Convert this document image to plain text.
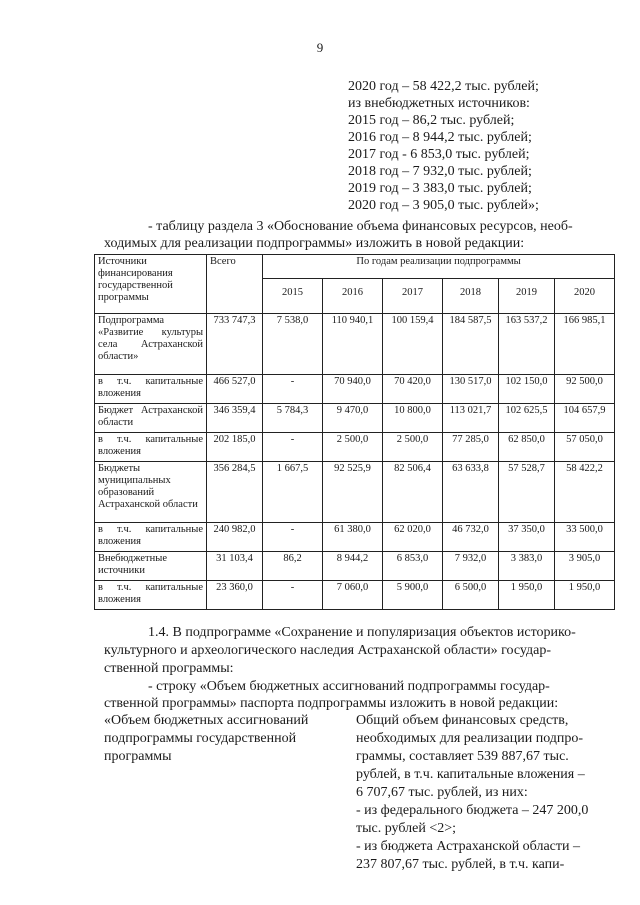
9
2020 год – 58 422,2 тыс. рублей;
из внебюджетных источников:
2015 год – 86,2 тыс. рублей;
2016 год – 8 944,2 тыс. рублей;
2017 год - 6 853,0 тыс. рублей;
2018 год – 7 932,0 тыс. рублей;
2019 год – 3 383,0 тыс. рублей;
2020 год – 3 905,0 тыс. рублей»;
- таблицу раздела 3 «Обоснование объема финансовых ресурсов, необ-
ходимых для реализации подпрограммы» изложить в новой редакции:
Источники финансирования государственной программы	Всего	По годам реализации подпрограммы					
		2015	2016	2017	2018	2019	2020
Подпрограмма «Развитие культуры села Астраханской области»	733 747,3	7 538,0	110 940,1	100 159,4	184 587,5	163 537,2	166 985,1
в т.ч. капитальные вложения	466 527,0	-	70 940,0	70 420,0	130 517,0	102 150,0	92 500,0
Бюджет Астраханской области	346 359,4	5 784,3	9 470,0	10 800,0	113 021,7	102 625,5	104 657,9
в т.ч. капитальные вложения	202 185,0	-	2 500,0	2 500,0	77 285,0	62 850,0	57 050,0
Бюджеты муниципальных образований Астраханской области	356 284,5	1 667,5	92 525,9	82 506,4	63 633,8	57 528,7	58 422,2
в т.ч. капитальные вложения	240 982,0	-	61 380,0	62 020,0	46 732,0	37 350,0	33 500,0
Внебюджетные источники	31 103,4	86,2	8 944,2	6 853,0	7 932,0	3 383,0	3 905,0
в т.ч. капитальные вложения	23 360,0	-	7 060,0	5 900,0	6 500,0	1 950,0	1 950,0
1.4. В подпрограмме «Сохранение и популяризация объектов историко-
культурного и археологического наследия Астраханской области» государ-
ственной программы:
- строку «Объем бюджетных ассигнований подпрограммы государ-
ственной программы» паспорта подпрограммы изложить в новой редакции:
«Объем бюджетных ассигнований
подпрограммы государственной
программы
Общий объем финансовых средств,
необходимых для реализации подпро-
граммы, составляет 539 887,67 тыс.
рублей, в т.ч. капитальные вложения –
6 707,67 тыс. рублей, из них:
- из федерального бюджета – 247 200,0
тыс. рублей <2>;
- из бюджета Астраханской области –
237 807,67 тыс. рублей, в т.ч. капи-
